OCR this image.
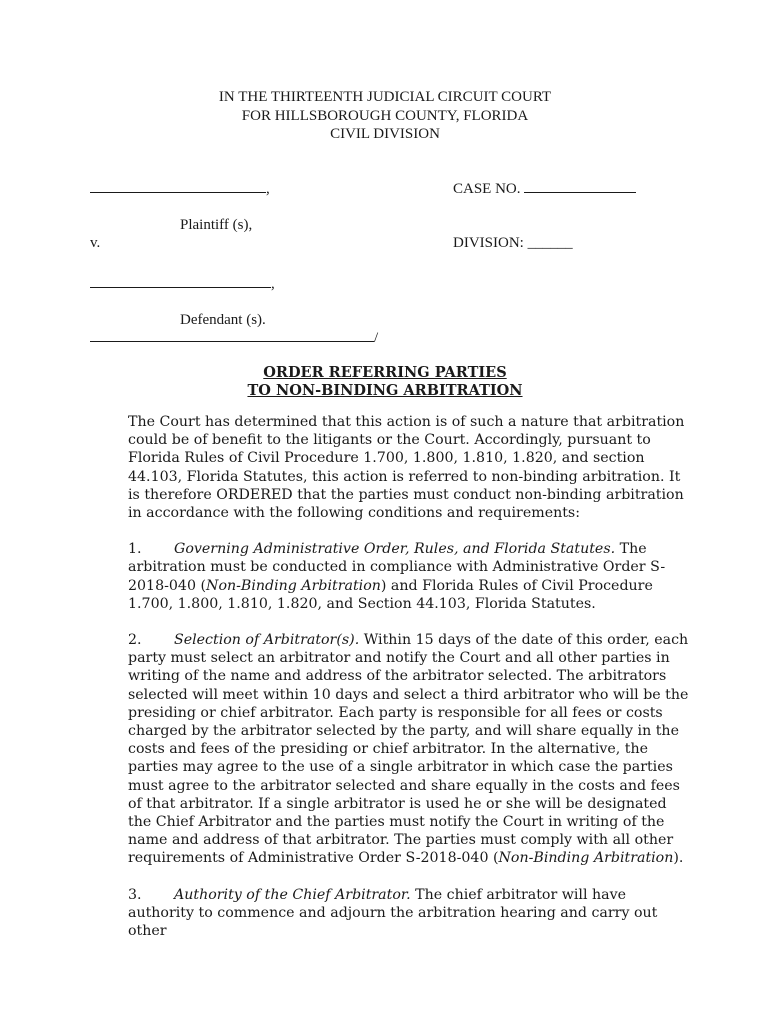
IN THE THIRTEENTH JUDICIAL CIRCUIT COURT
FOR HILLSBOROUGH COUNTY, FLORIDA
CIVIL DIVISION
,	CASE NO.
Plaintiff (s),
v.	DIVISION: ______
,
Defendant (s).
/
ORDER REFERRING PARTIES
TO NON-BINDING ARBITRATION

The Court has determined that this action is of such a nature that arbitration could be of benefit to the litigants or the Court. Accordingly, pursuant to Florida Rules of Civil Procedure 1.700, 1.800, 1.810, 1.820, and section 44.103, Florida Statutes, this action is referred to non-binding arbitration. It is therefore ORDERED that the parties must conduct non-binding arbitration in accordance with the following conditions and requirements:

1. Governing Administrative Order, Rules, and Florida Statutes. The arbitration must be conducted in compliance with Administrative Order S-2018-040 (Non-Binding Arbitration) and Florida Rules of Civil Procedure 1.700, 1.800, 1.810, 1.820, and Section 44.103, Florida Statutes.

2. Selection of Arbitrator(s). Within 15 days of the date of this order, each party must select an arbitrator and notify the Court and all other parties in writing of the name and address of the arbitrator selected. The arbitrators selected will meet within 10 days and select a third arbitrator who will be the presiding or chief arbitrator. Each party is responsible for all fees or costs charged by the arbitrator selected by the party, and will share equally in the costs and fees of the presiding or chief arbitrator. In the alternative, the parties may agree to the use of a single arbitrator in which case the parties must agree to the arbitrator selected and share equally in the costs and fees of that arbitrator. If a single arbitrator is used he or she will be designated the Chief Arbitrator and the parties must notify the Court in writing of the name and address of that arbitrator. The parties must comply with all other requirements of Administrative Order S-2018-040 (Non-Binding Arbitration).

3. Authority of the Chief Arbitrator. The chief arbitrator will have authority to commence and adjourn the arbitration hearing and carry out other
